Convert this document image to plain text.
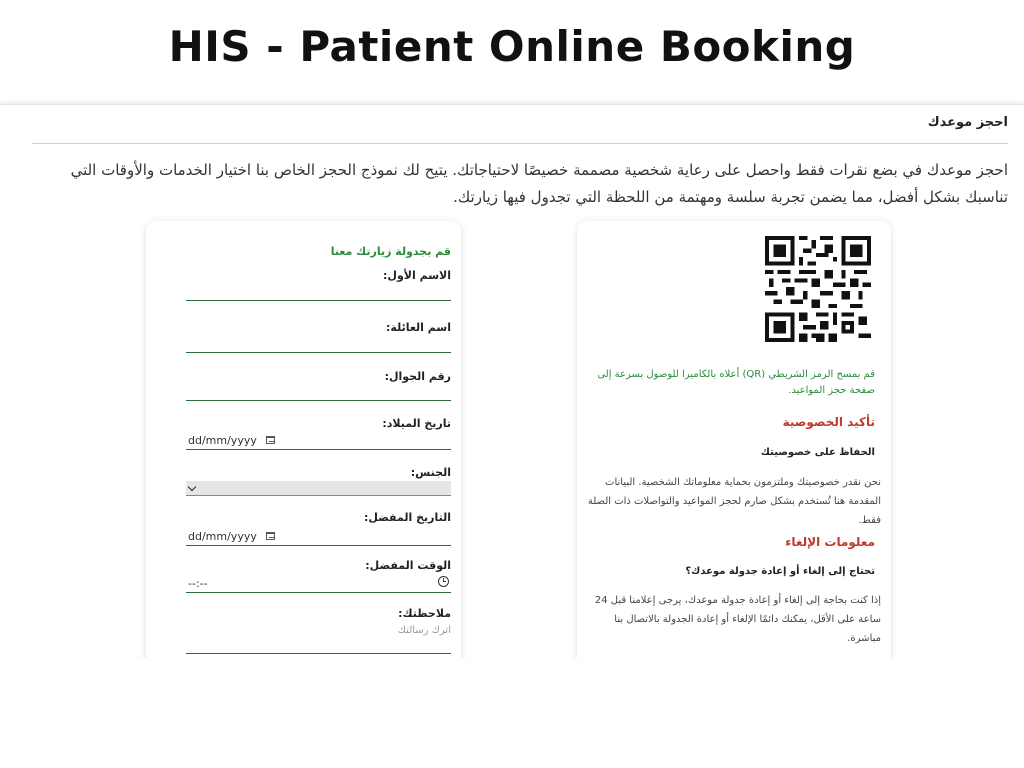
HIS - Patient Online Booking
احجز موعدك
احجز موعدك في بضع نقرات فقط واحصل على رعاية شخصية مصممة خصيصًا لاحتياجاتك. يتيح لك نموذج الحجز الخاص بنا اختيار الخدمات والأوقات التي تناسبك بشكل أفضل، مما يضمن تجربة سلسة ومهتمة من اللحظة التي تجدول فيها زيارتك.
قم بجدولة زيارتك معنا
الاسم الأول:
اسم العائلة:
رقم الجوال:
تاريخ الميلاد:
dd/mm/yyyy
الجنس:
التاريخ المفضل:
dd/mm/yyyy
الوقت المفضل:
--:--
ملاحظتك:
اترك رسالتك
قم بمسح الرمز الشريطي (QR) أعلاه بالكاميرا للوصول بسرعة إلى صفحة حجز المواعيد.
تأكيد الخصوصية
الحفاظ على خصوصيتك
نحن نقدر خصوصيتك وملتزمون بحماية معلوماتك الشخصية. البيانات المقدمة هنا تُستخدم بشكل صارم لحجز المواعيد والتواصلات ذات الصلة فقط.
معلومات الإلغاء
تحتاج إلى إلغاء أو إعادة جدولة موعدك؟
إذا كنت بحاجة إلى إلغاء أو إعادة جدولة موعدك، يرجى إعلامنا قبل 24 ساعة على الأقل، يمكنك دائمًا الإلغاء أو إعادة الجدولة بالاتصال بنا مباشرة.
